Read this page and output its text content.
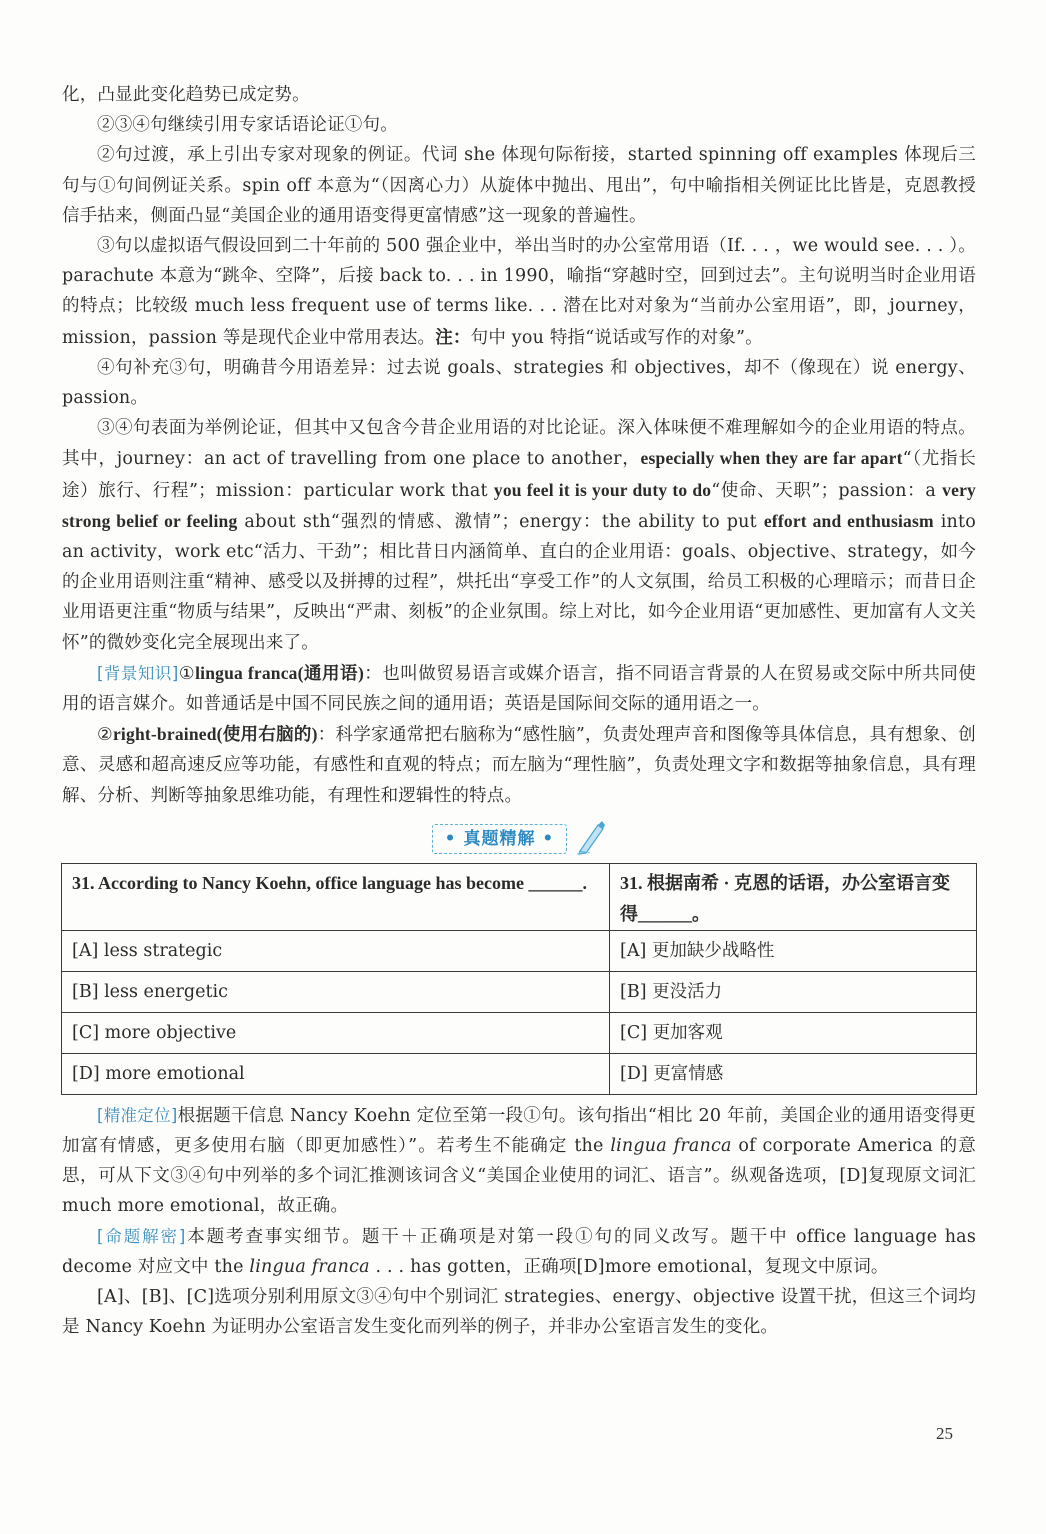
化，凸显此变化趋势已成定势。

②③④句继续引用专家话语论证①句。

②句过渡，承上引出专家对现象的例证。代词 she 体现句际衔接，started spinning off examples 体现后三句与①句间例证关系。spin off 本意为“（因离心力）从旋体中抛出、甩出”，句中喻指相关例证比比皆是，克恩教授信手拈来，侧面凸显“美国企业的通用语变得更富情感”这一现象的普遍性。

③句以虚拟语气假设回到二十年前的 500 强企业中，举出当时的办公室常用语（If. . . ，we would see. . . ）。parachute 本意为“跳伞、空降”，后接 back to. . . in 1990，喻指“穿越时空，回到过去”。主句说明当时企业用语的特点；比较级 much less frequent use of terms like. . . 潜在比对对象为“当前办公室用语”，即，journey，mission，passion 等是现代企业中常用表达。注：句中 you 特指“说话或写作的对象”。

④句补充③句，明确昔今用语差异：过去说 goals、strategies 和 objectives，却不（像现在）说 energy、passion。

③④句表面为举例论证，但其中又包含今昔企业用语的对比论证。深入体味便不难理解如今的企业用语的特点。其中，journey：an act of travelling from one place to another，especially when they are far apart“（尤指长途）旅行、行程”；mission：particular work that you feel it is your duty to do“使命、天职”；passion：a very strong belief or feeling about sth“强烈的情感、激情”；energy：the ability to put effort and enthusiasm into an activity，work etc“活力、干劲”；相比昔日内涵简单、直白的企业用语：goals、objective、strategy，如今的企业用语则注重“精神、感受以及拼搏的过程”，烘托出“享受工作”的人文氛围，给员工积极的心理暗示；而昔日企业用语更注重“物质与结果”，反映出“严肃、刻板”的企业氛围。综上对比，如今企业用语“更加感性、更加富有人文关怀”的微妙变化完全展现出来了。

[背景知识]①lingua franca(通用语)：也叫做贸易语言或媒介语言，指不同语言背景的人在贸易或交际中所共同使用的语言媒介。如普通话是中国不同民族之间的通用语；英语是国际间交际的通用语之一。

②right-brained(使用右脑的)：科学家通常把右脑称为“感性脑”，负责处理声音和图像等具体信息，具有想象、创意、灵感和超高速反应等功能，有感性和直观的特点；而左脑为“理性脑”，负责处理文字和数据等抽象信息，具有理解、分析、判断等抽象思维功能，有理性和逻辑性的特点。

• 真题精解 •
31. According to Nancy Koehn, office language has become ______.	31. 根据南希 · 克恩的话语，办公室语言变得______。
[A] less strategic	[A] 更加缺少战略性
[B] less energetic	[B] 更没活力
[C] more objective	[C] 更加客观
[D] more emotional	[D] 更富情感

[精准定位]根据题干信息 Nancy Koehn 定位至第一段①句。该句指出“相比 20 年前，美国企业的通用语变得更加富有情感，更多使用右脑（即更加感性）”。若考生不能确定 the lingua franca of corporate America 的意思，可从下文③④句中列举的多个词汇推测该词含义“美国企业使用的词汇、语言”。纵观备选项，[D]复现原文词汇 much more emotional，故正确。

[命题解密]本题考查事实细节。题干＋正确项是对第一段①句的同义改写。题干中 office language has decome 对应文中 the lingua franca . . . has gotten，正确项[D]more emotional，复现文中原词。

[A]、[B]、[C]选项分别利用原文③④句中个别词汇 strategies、energy、objective 设置干扰，但这三个词均是 Nancy Koehn 为证明办公室语言发生变化而列举的例子，并非办公室语言发生的变化。

25
